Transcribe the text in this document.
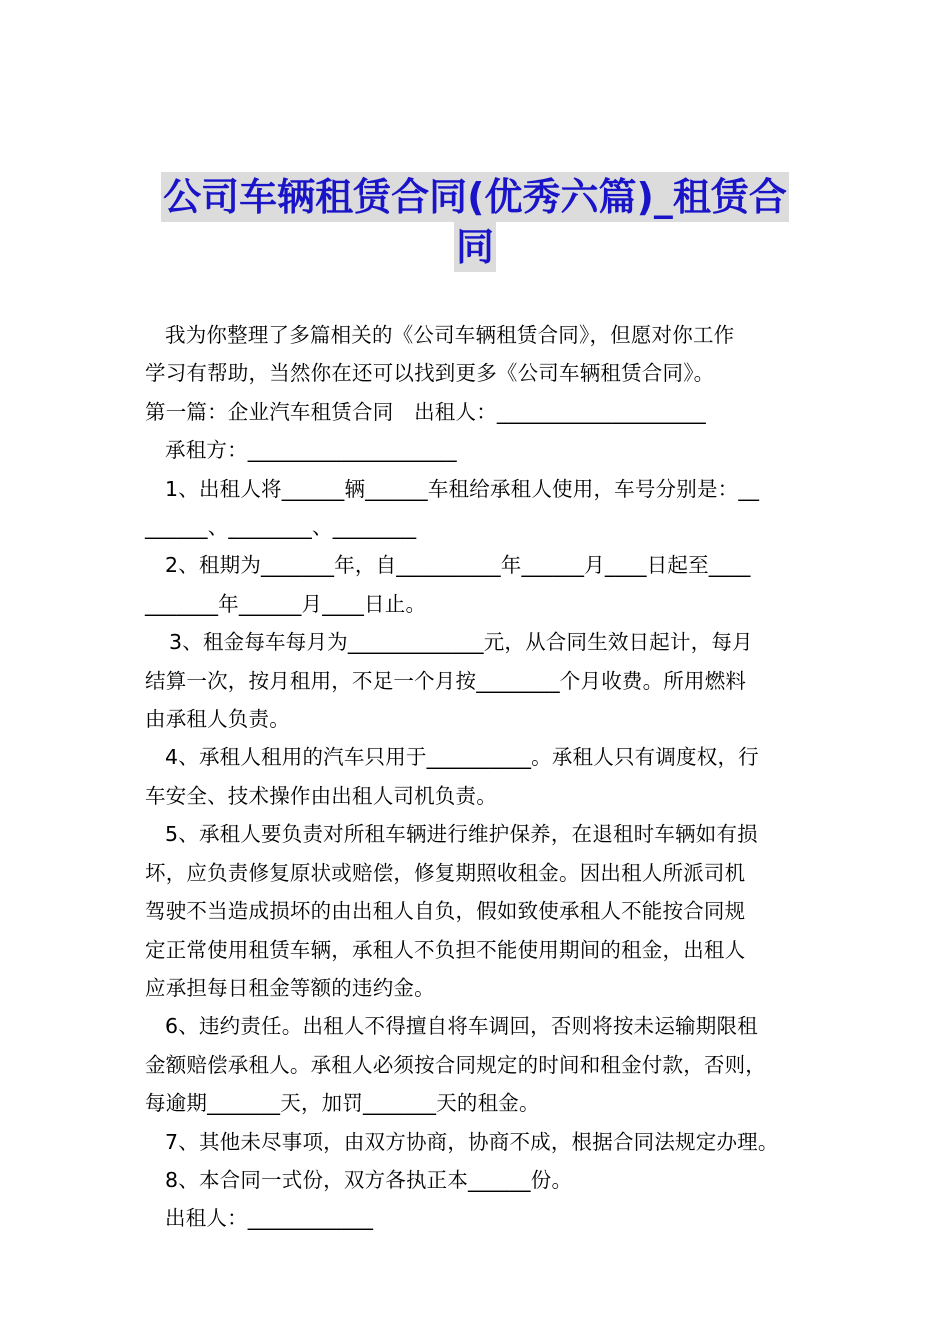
公司车辆租赁合同(优秀六篇)_租赁合
同

我为你整理了多篇相关的《公司车辆租赁合同》，但愿对你工作

学习有帮助，当然你在还可以找到更多《公司车辆租赁合同》。

第一篇：企业汽车租赁合同　出租人：____________________

承租方：____________________

1、出租人将______辆______车租给承租人使用，车号分别是：__

______、________、________

2、租期为_______年，自__________年______月____日起至____

_______年______月____日止。

3、租金每车每月为_____________元，从合同生效日起计，每月

结算一次，按月租用，不足一个月按________个月收费。所用燃料

由承租人负责。

4、承租人租用的汽车只用于__________。承租人只有调度权，行

车安全、技术操作由出租人司机负责。

5、承租人要负责对所租车辆进行维护保养，在退租时车辆如有损

坏，应负责修复原状或赔偿，修复期照收租金。因出租人所派司机

驾驶不当造成损坏的由出租人自负，假如致使承租人不能按合同规

定正常使用租赁车辆，承租人不负担不能使用期间的租金，出租人

应承担每日租金等额的违约金。

6、违约责任。出租人不得擅自将车调回，否则将按未运输期限租

金额赔偿承租人。承租人必须按合同规定的时间和租金付款，否则，

每逾期_______天，加罚_______天的租金。

7、其他未尽事项，由双方协商，协商不成，根据合同法规定办理。

8、本合同一式份，双方各执正本______份。

出租人：____________
